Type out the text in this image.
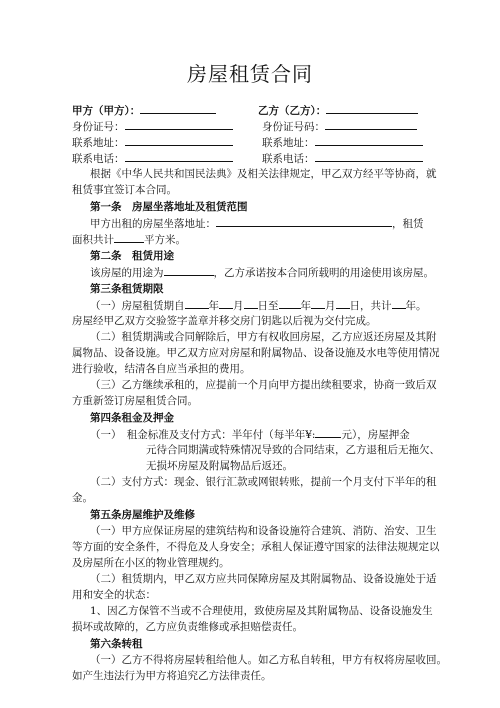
房屋租赁合同
甲方（甲方）：	乙方（乙方）：
身份证号：	身份证号码：
联系地址：	联系地址：
联系电话：	联系电话：
根据《中华人民共和国民法典》及相关法律规定，甲乙双方经平等协商，就
租赁事宜签订本合同。
第一条　房屋坐落地址及租赁范围
甲方出租的房屋坐落地址：	，租赁
面积共计	平方米。
第二条　租赁用途
该房屋的用途为	，乙方承诺按本合同所载明的用途使用该房屋。
第三条租赁期限
（一）房屋租赁期自 年 月 日至 年 月 日，共计 年。
房屋经甲乙双方交验签字盖章并移交房门钥匙以后视为交付完成。
（二）租赁期满或合同解除后，甲方有权收回房屋，乙方应返还房屋及其附
属物品、设备设施。甲乙双方应对房屋和附属物品、设备设施及水电等使用情况
进行验收，结清各自应当承担的费用。
（三）乙方继续承租的，应提前一个月向甲方提出续租要求，协商一致后双
方重新签订房屋租赁合同。
第四条租金及押金
（一）　租金标准及支付方式：半年付（每半年¥: 元），房屋押金
元待合同期满或特殊情况导致的合同结束，乙方退租后无拖欠、
无损坏房屋及附属物品后返还。
（二）支付方式：现金、银行汇款或网银转账，提前一个月支付下半年的租
金。
第五条房屋维护及维修
（一）甲方应保证房屋的建筑结构和设备设施符合建筑、消防、治安、卫生
等方面的安全条件，不得危及人身安全；承租人保证遵守国家的法律法规规定以
及房屋所在小区的物业管理规约。
（二）租赁期内，甲乙双方应共同保障房屋及其附属物品、设备设施处于适
用和安全的状态：
1、因乙方保管不当或不合理使用，致使房屋及其附属物品、设备设施发生
损坏或故障的，乙方应负责维修或承担赔偿责任。
第六条转租
（一）乙方不得将房屋转租给他人。如乙方私自转租，甲方有权将房屋收回。
如产生违法行为甲方将追究乙方法律责任。
